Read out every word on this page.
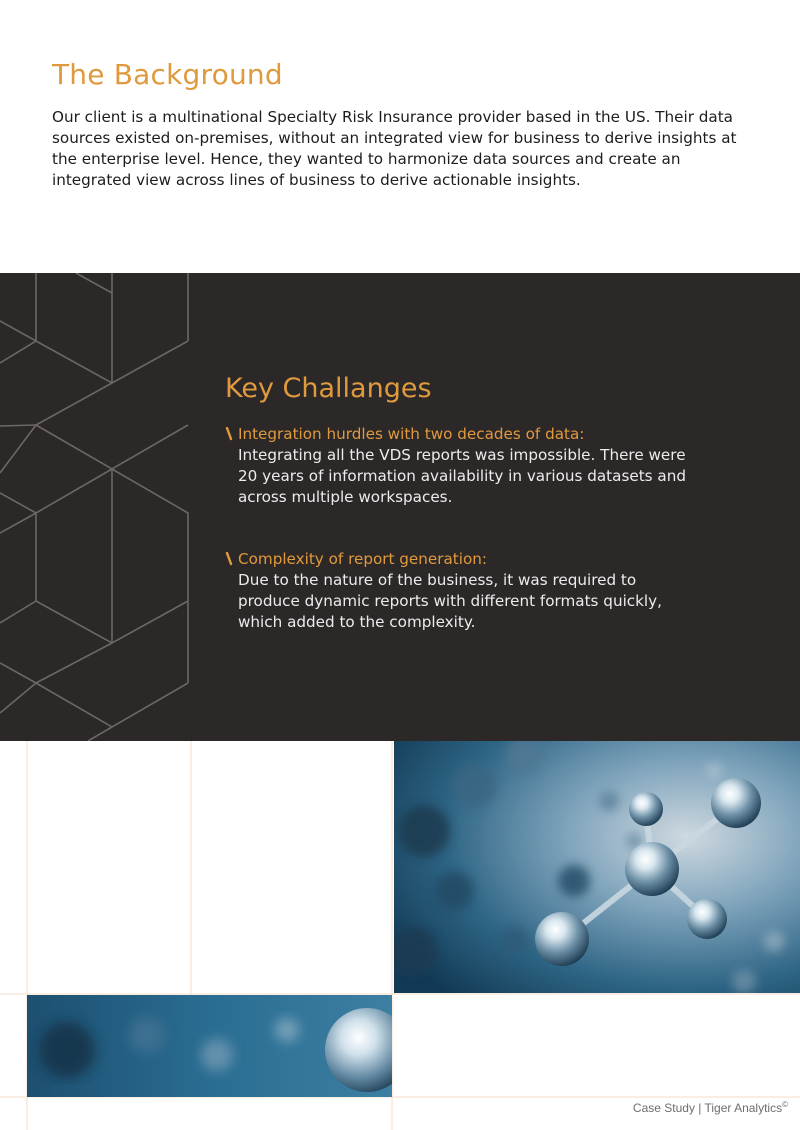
The Background

Our client is a multinational Specialty Risk Insurance provider based in the US. Their data sources existed on-premises, without an integrated view for business to derive insights at the enterprise level. Hence, they wanted to harmonize data sources and create an integrated view across lines of business to derive actionable insights.

Key Challanges

Integration hurdles with two decades of data:

Integrating all the VDS reports was impossible. There were 20 years of information availability in various datasets and across multiple workspaces.

Complexity of report generation:

Due to the nature of the business, it was required to produce dynamic reports with different formats quickly, which added to the complexity.

Case Study | Tiger Analytics©
